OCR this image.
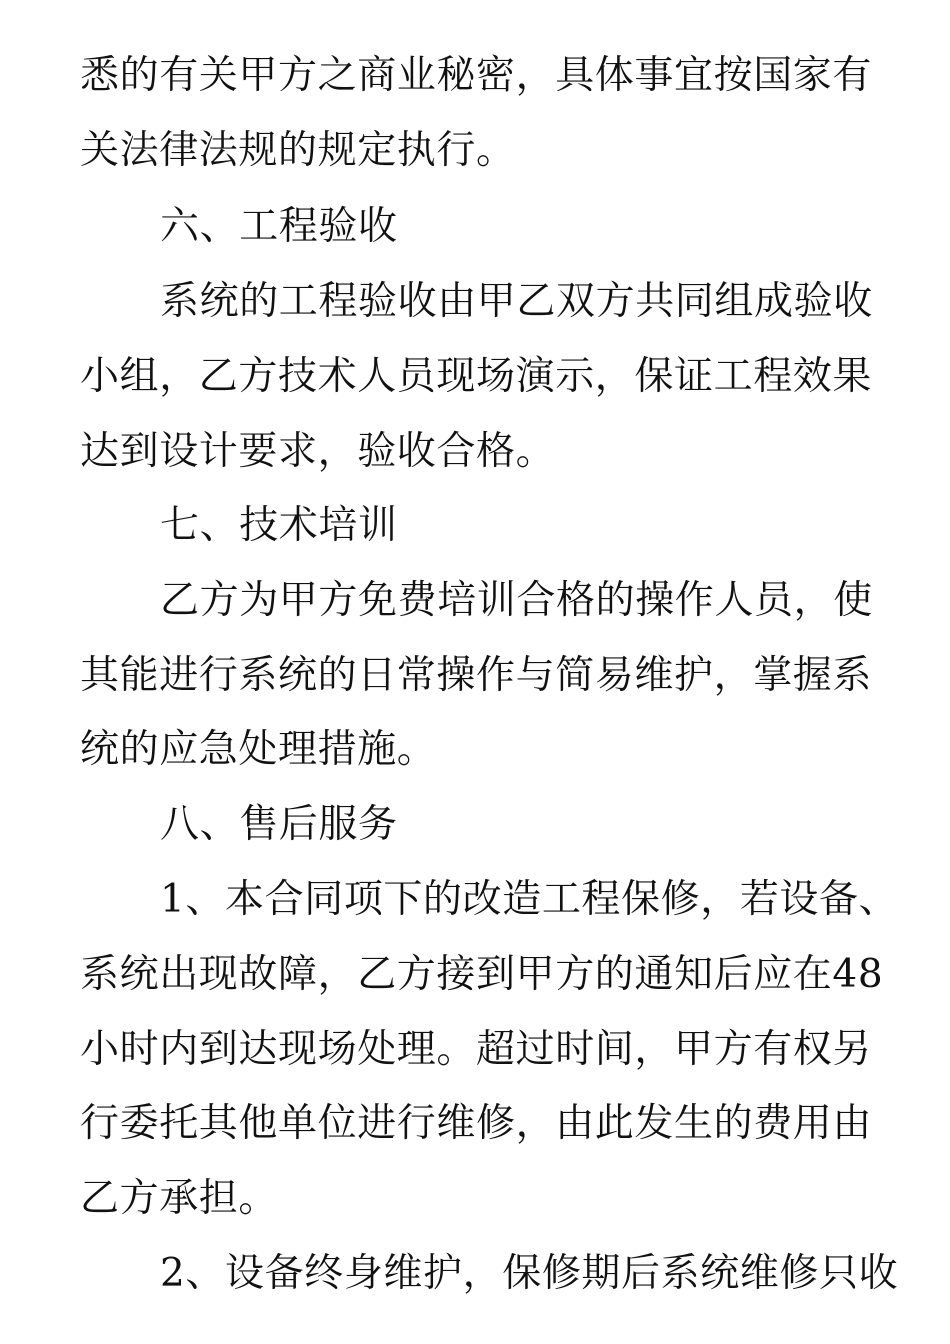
悉的有关甲方之商业秘密，具体事宜按国家有
关法律法规的规定执行。
六、工程验收
系统的工程验收由甲乙双方共同组成验收
小组，乙方技术人员现场演示，保证工程效果
达到设计要求，验收合格。
七、技术培训
乙方为甲方免费培训合格的操作人员，使
其能进行系统的日常操作与简易维护，掌握系
统的应急处理措施。
八、售后服务
1、本合同项下的改造工程保修，若设备、
系统出现故障，乙方接到甲方的通知后应在48
小时内到达现场处理。超过时间，甲方有权另
行委托其他单位进行维修，由此发生的费用由
乙方承担。
2、设备终身维护，保修期后系统维修只收
